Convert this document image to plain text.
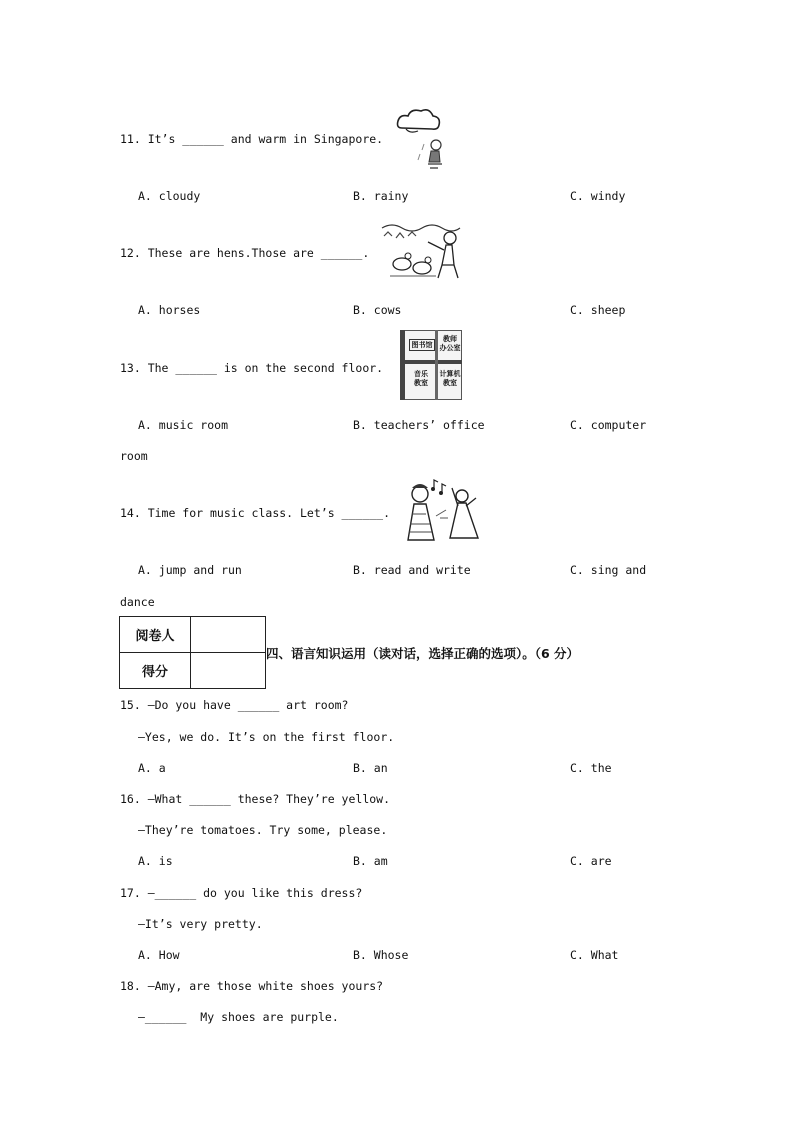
11. It’s ______ and warm in Singapore.
A. cloudy	B. rainy	C. windy
12. These are hens.Those are ______.
A. horses	B. cows	C. sheep
13. The ______ is on the second floor.
图书馆
教师
办公室
音乐
教室
计算机
教室
A. music room	B. teachers’ office	C. computer
room
14. Time for music class. Let’s ______.
A. jump and run	B. read and write	C. sing and
dance
阅卷人	
得分	
四、语言知识运用（读对话，选择正确的选项）。（6 分）
15. —Do you have ______ art room?
—Yes, we do. It’s on the first floor.
A. a	B. an	C. the
16. —What ______ these? They’re yellow.
—They’re tomatoes. Try some, please.
A. is	B. am	C. are
17. —______ do you like this dress?
—It’s very pretty.
A. How	B. Whose	C. What
18. —Amy, are those white shoes yours?
—______  My shoes are purple.
